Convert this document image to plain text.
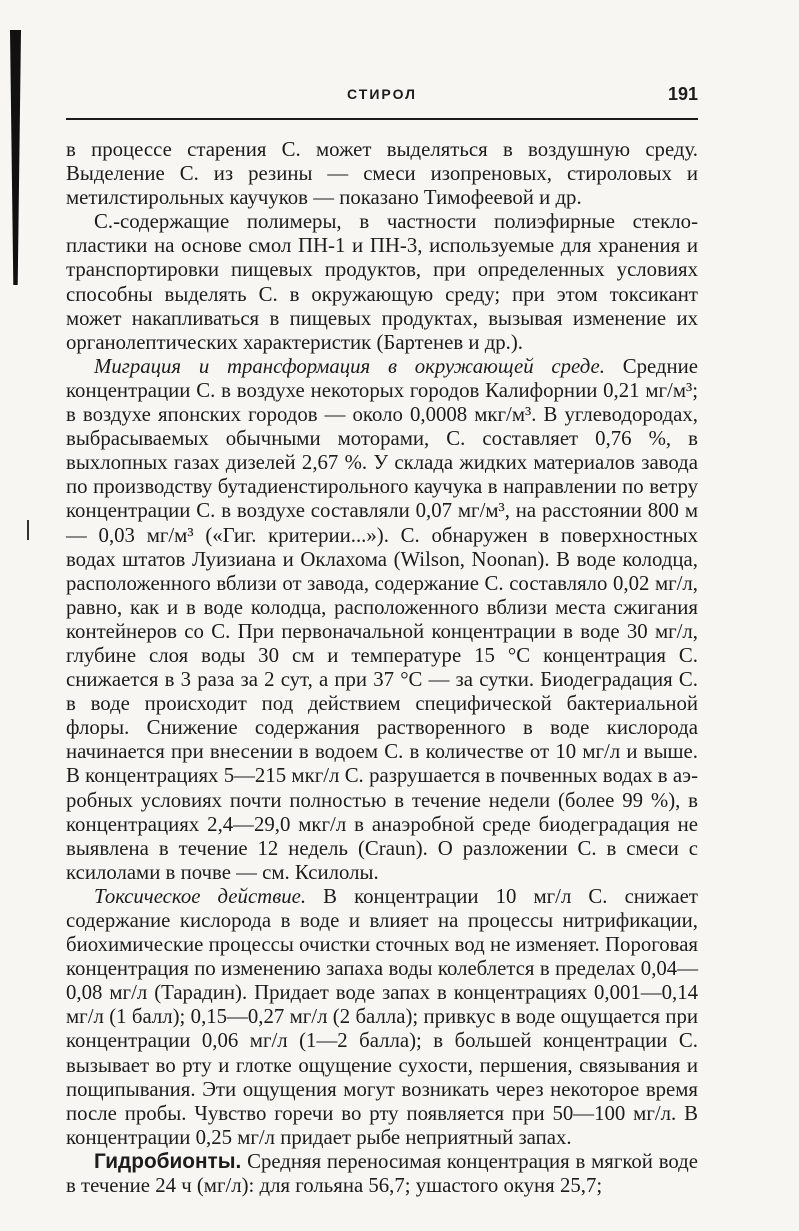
СТИРОЛ	191

в процессе старения С. может выделяться в воздушную среду. Выделение С. из резины — смеси изопреновых, стироловых и метилстирольных каучуков — показано Тимофеевой и др.

С.-содержащие полимеры, в частности полиэфирные стеклопластики на основе смол ПН-1 и ПН-3, используемые для хранения и транспортировки пищевых продуктов, при определенных условиях способны выделять С. в окружающую среду; при этом токсикант может накапливаться в пищевых продуктах, вызывая изменение их органолептических характеристик (Бартенев и др.).

Миграция и трансформация в окружающей среде. Средние концентрации С. в воздухе некоторых городов Калифорнии 0,21 мг/м³; в воздухе японских городов — около 0,0008 мкг/м³. В углеводородах, выбрасываемых обычными моторами, С. составляет 0,76 %, в выхлопных газах дизелей 2,67 %. У склада жидких материалов завода по производству бутадиенстирольного каучука в направлении по ветру концентрации С. в воздухе составляли 0,07 мг/м³, на расстоянии 800 м — 0,03 мг/м³ («Гиг. критерии...»). С. обнаружен в поверхностных водах штатов Луизиана и Оклахома (Wilson, Noonan). В воде колодца, расположенного вблизи от завода, содержание С. составляло 0,02 мг/л, равно, как и в воде колодца, расположенного вблизи места сжигания контейнеров со С. При первоначальной концентрации в воде 30 мг/л, глубине слоя воды 30 см и температуре 15 °С концентрация С. снижается в 3 раза за 2 сут, а при 37 °С — за сутки. Биодеградация С. в воде происходит под действием специфической бактериальной флоры. Снижение содержания растворенного в воде кислорода начинается при внесении в водоем С. в количестве от 10 мг/л и выше. В концентрациях 5—215 мкг/л С. разрушается в почвенных водах в аэробных условиях почти полностью в течение недели (более 99 %), в концентрациях 2,4—29,0 мкг/л в анаэробной среде биодеградация не выявлена в течение 12 недель (Craun). О разложении С. в смеси с ксилолами в почве — см. Ксилолы.

Токсическое действие. В концентрации 10 мг/л С. снижает содержание кислорода в воде и влияет на процессы нитрификации, биохимические процессы очистки сточных вод не изменяет. Пороговая концентрация по изменению запаха воды колеблется в пределах 0,04—0,08 мг/л (Тарадин). Придает воде запах в концентрациях 0,001—0,14 мг/л (1 балл); 0,15—0,27 мг/л (2 балла); привкус в воде ощущается при концентрации 0,06 мг/л (1—2 балла); в большей концентрации С. вызывает во рту и глотке ощущение сухости, першения, связывания и пощипывания. Эти ощущения могут возникать через некоторое время после пробы. Чувство горечи во рту появляется при 50—100 мг/л. В концентрации 0,25 мг/л придает рыбе неприятный запах.

Гидробионты. Средняя переносимая концентрация в мягкой воде в течение 24 ч (мг/л): для гольяна 56,7; ушастого окуня 25,7;
